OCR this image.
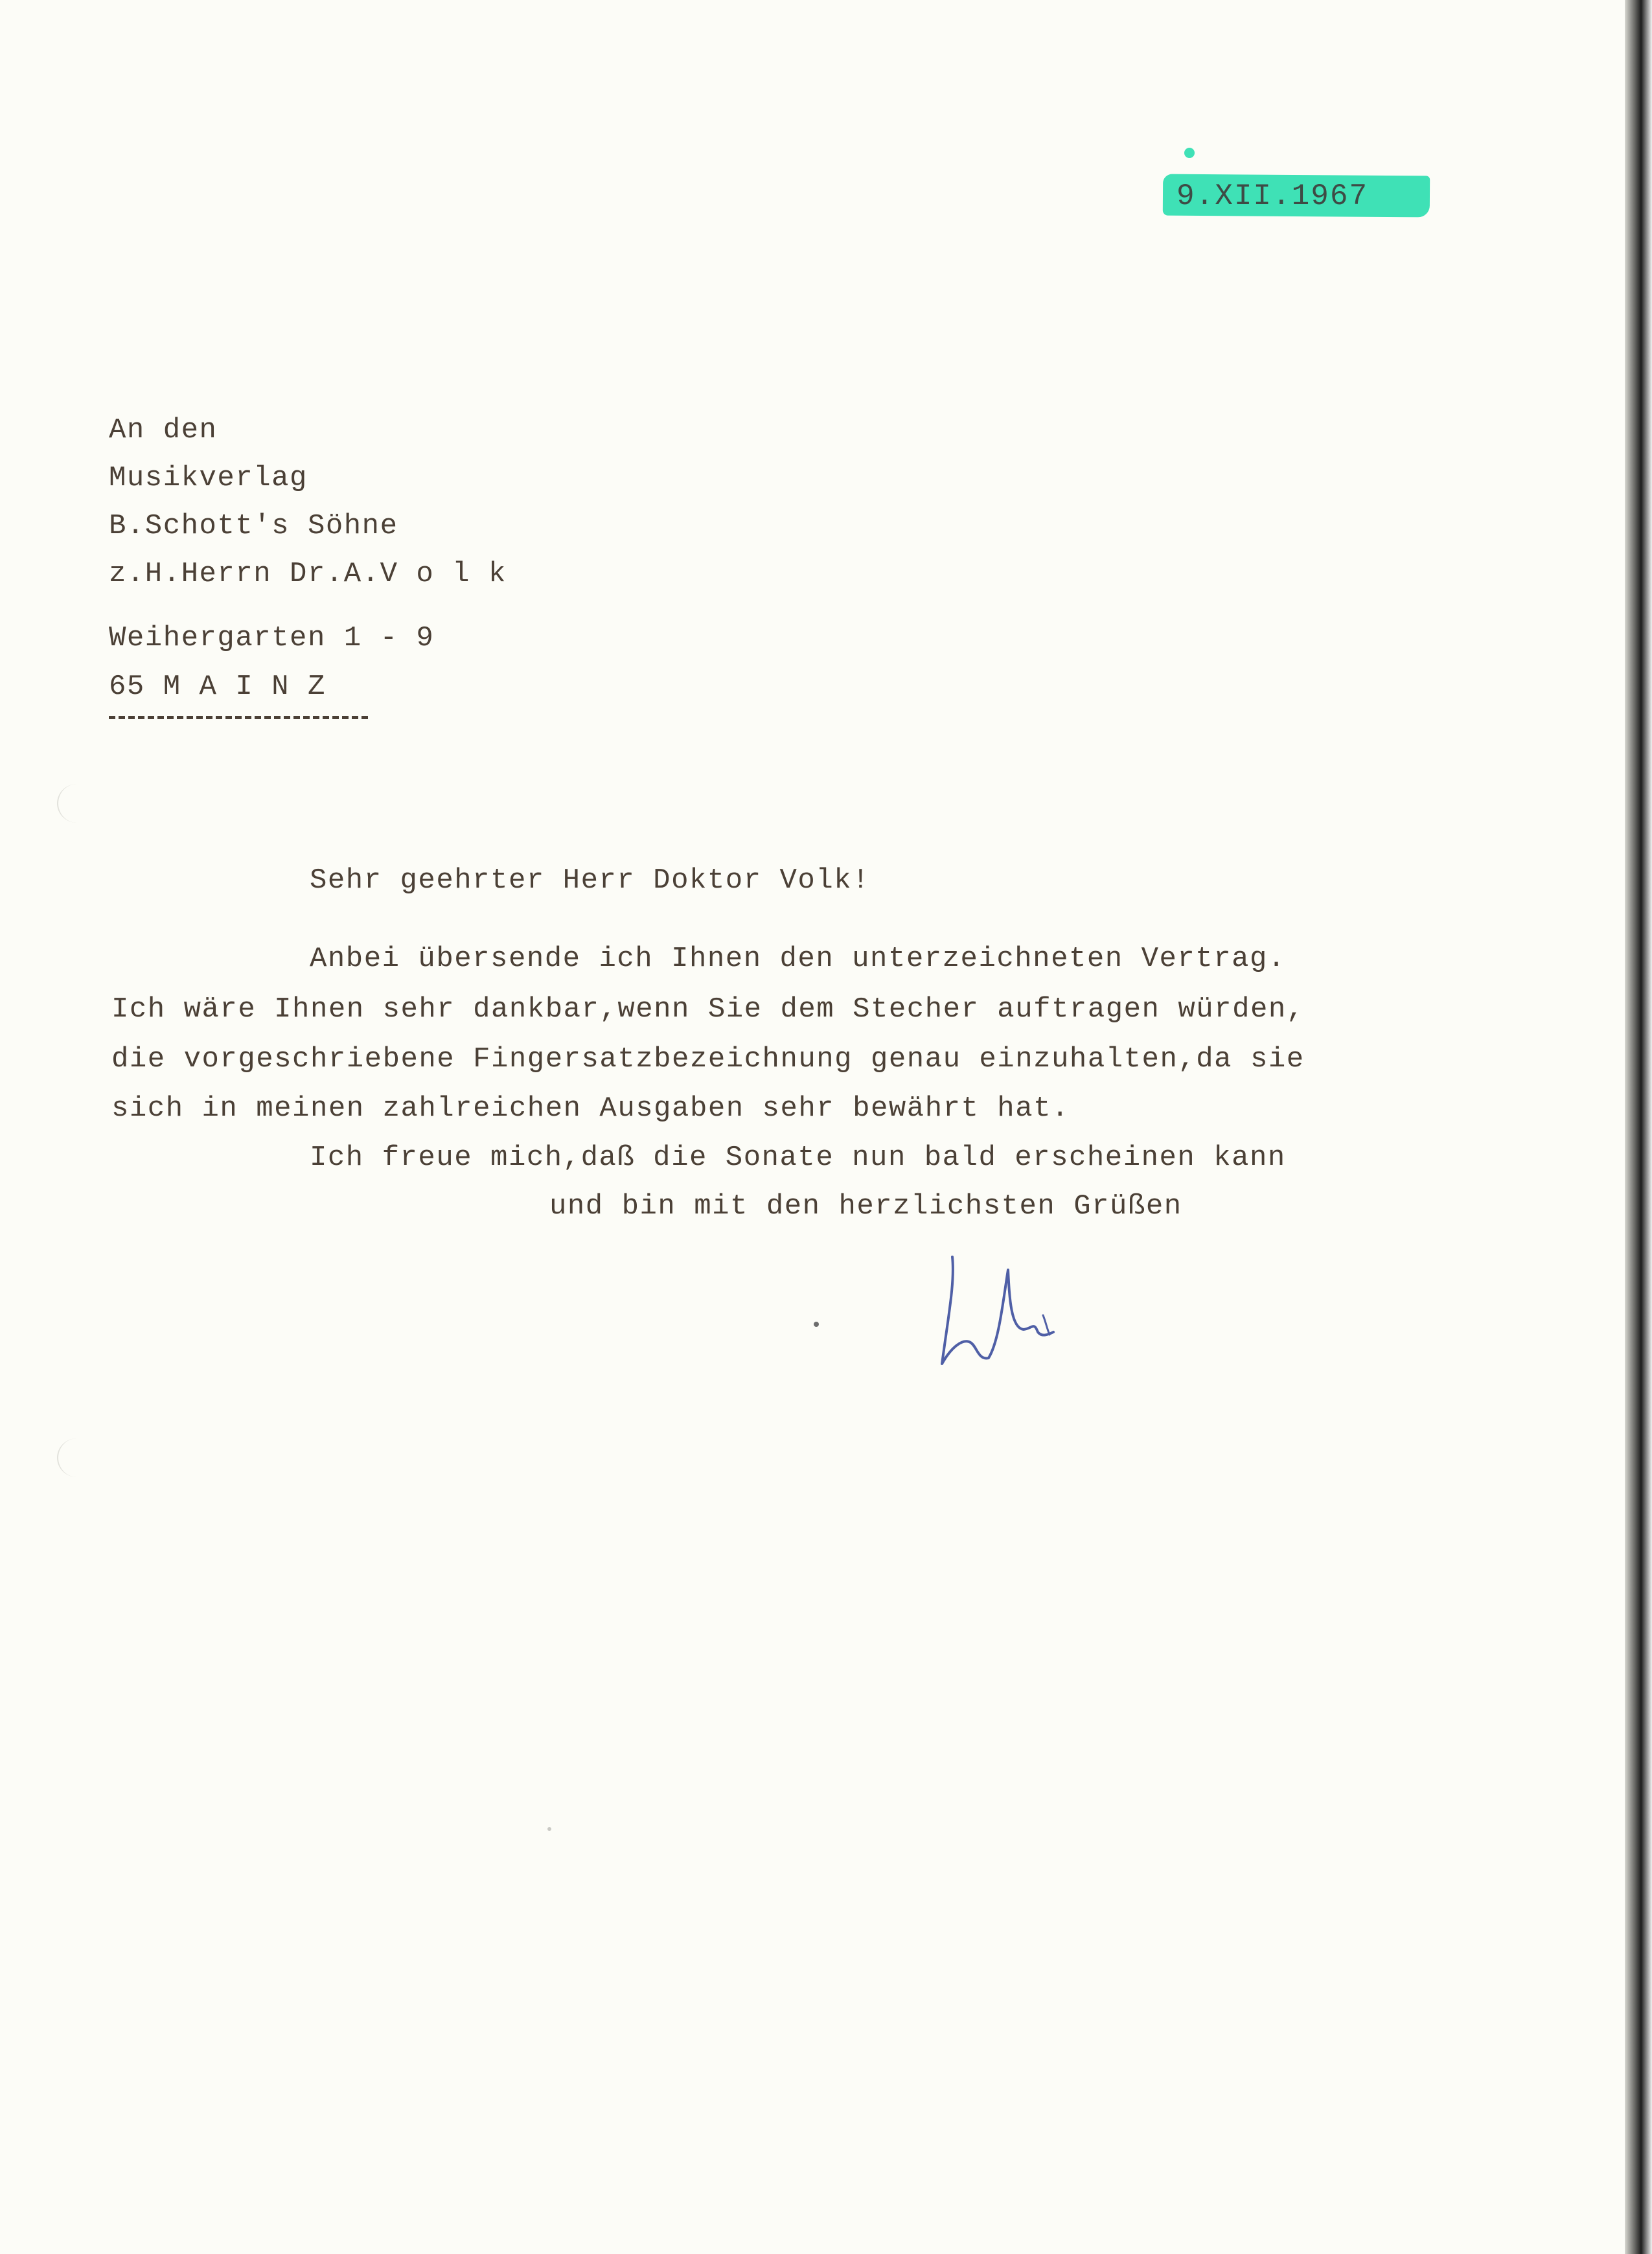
9.XII.1967
An den
Musikverlag
B.Schott's Söhne
z.H.Herrn Dr.A.V o l k
Weihergarten 1 - 9
65 M A I N Z
Sehr geehrter Herr Doktor Volk!
Anbei übersende ich Ihnen den unterzeichneten Vertrag.
Ich wäre Ihnen sehr dankbar,wenn Sie dem Stecher auftragen würden,
die vorgeschriebene Fingersatzbezeichnung genau einzuhalten,da sie
sich in meinen zahlreichen Ausgaben sehr bewährt hat.
Ich freue mich,daß die Sonate nun bald erscheinen kann
und bin mit den herzlichsten Grüßen
